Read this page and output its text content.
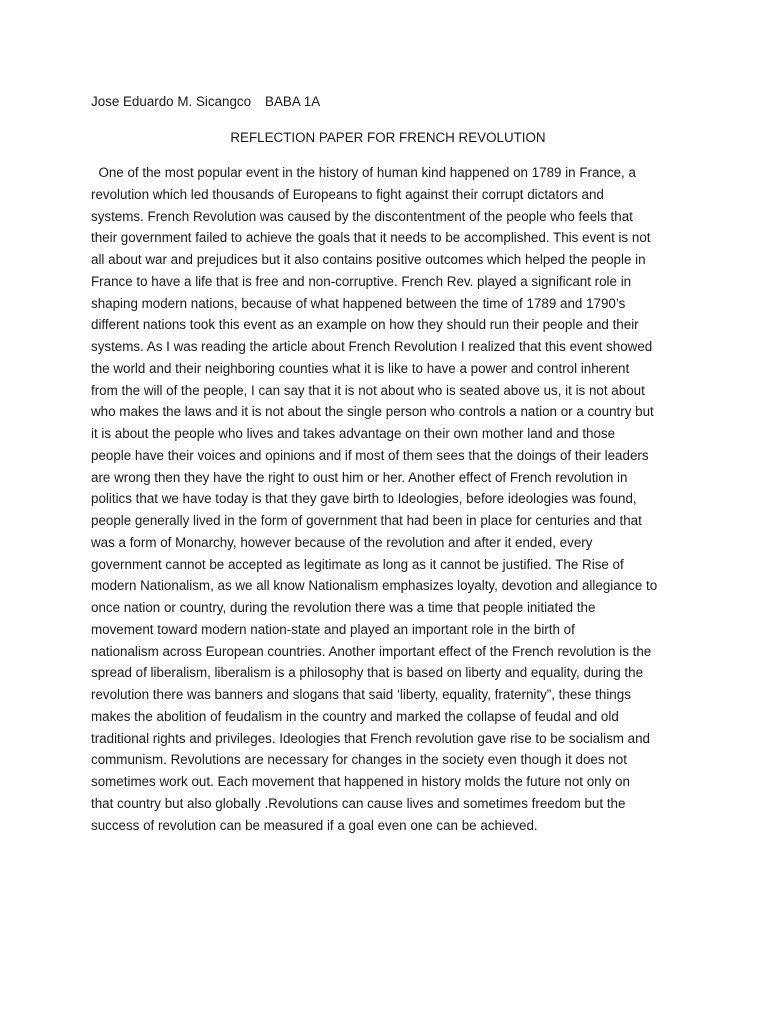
Jose Eduardo M. Sicangco BABA 1A
REFLECTION PAPER FOR FRENCH REVOLUTION
One of the most popular event in the history of human kind happened on 1789 in France, a
revolution which led thousands of Europeans to fight against their corrupt dictators and
systems. French Revolution was caused by the discontentment of the people who feels that
their government failed to achieve the goals that it needs to be accomplished. This event is not
all about war and prejudices but it also contains positive outcomes which helped the people in
France to have a life that is free and non-corruptive. French Rev. played a significant role in
shaping modern nations, because of what happened between the time of 1789 and 1790’s
different nations took this event as an example on how they should run their people and their
systems. As I was reading the article about French Revolution I realized that this event showed
the world and their neighboring counties what it is like to have a power and control inherent
from the will of the people, I can say that it is not about who is seated above us, it is not about
who makes the laws and it is not about the single person who controls a nation or a country but
it is about the people who lives and takes advantage on their own mother land and those
people have their voices and opinions and if most of them sees that the doings of their leaders
are wrong then they have the right to oust him or her. Another effect of French revolution in
politics that we have today is that they gave birth to Ideologies, before ideologies was found,
people generally lived in the form of government that had been in place for centuries and that
was a form of Monarchy, however because of the revolution and after it ended, every
government cannot be accepted as legitimate as long as it cannot be justified. The Rise of
modern Nationalism, as we all know Nationalism emphasizes loyalty, devotion and allegiance to
once nation or country, during the revolution there was a time that people initiated the
movement toward modern nation-state and played an important role in the birth of
nationalism across European countries. Another important effect of the French revolution is the
spread of liberalism, liberalism is a philosophy that is based on liberty and equality, during the
revolution there was banners and slogans that said ‘liberty, equality, fraternity”, these things
makes the abolition of feudalism in the country and marked the collapse of feudal and old
traditional rights and privileges. Ideologies that French revolution gave rise to be socialism and
communism. Revolutions are necessary for changes in the society even though it does not
sometimes work out. Each movement that happened in history molds the future not only on
that country but also globally .Revolutions can cause lives and sometimes freedom but the
success of revolution can be measured if a goal even one can be achieved.
